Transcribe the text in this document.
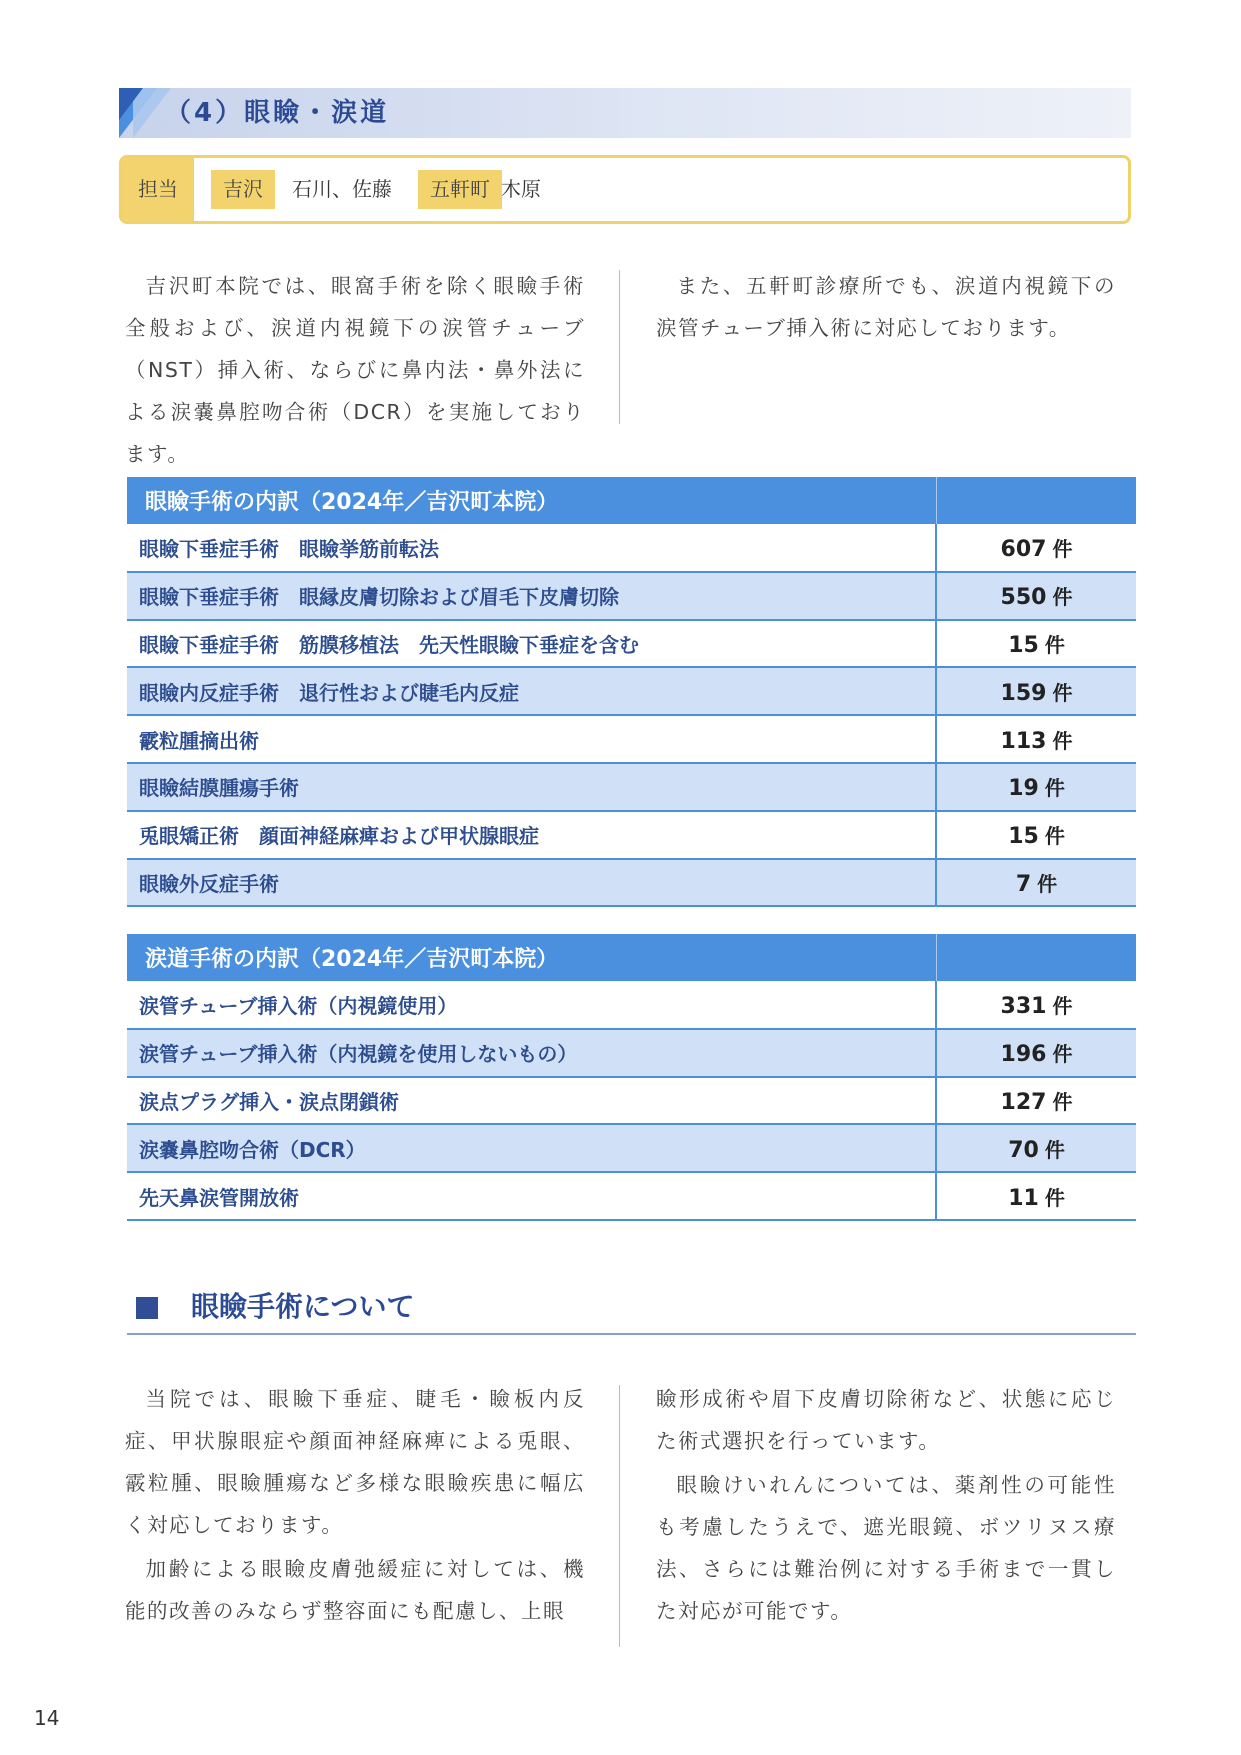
（4）眼瞼・涙道
担当	吉沢	石川、佐藤	五軒町 木原

吉沢町本院では、眼窩手術を除く眼瞼手術全般および、涙道内視鏡下の涙管チューブ（NST）挿入術、ならびに鼻内法・鼻外法による涙嚢鼻腔吻合術（DCR）を実施しております。

また、五軒町診療所でも、涙道内視鏡下の涙管チューブ挿入術に対応しております。

眼瞼手術の内訳（2024年／吉沢町本院）	
眼瞼下垂症手術　眼瞼挙筋前転法	607 件
眼瞼下垂症手術　眼縁皮膚切除および眉毛下皮膚切除	550 件
眼瞼下垂症手術　筋膜移植法　先天性眼瞼下垂症を含む	15 件
眼瞼内反症手術　退行性および睫毛内反症	159 件
霰粒腫摘出術	113 件
眼瞼結膜腫瘍手術	19 件
兎眼矯正術　顔面神経麻痺および甲状腺眼症	15 件
眼瞼外反症手術	7 件
涙道手術の内訳（2024年／吉沢町本院）	
涙管チューブ挿入術（内視鏡使用）	331 件
涙管チューブ挿入術（内視鏡を使用しないもの）	196 件
涙点プラグ挿入・涙点閉鎖術	127 件
涙嚢鼻腔吻合術（DCR）	70 件
先天鼻涙管開放術	11 件
眼瞼手術について

当院では、眼瞼下垂症、睫毛・瞼板内反症、甲状腺眼症や顔面神経麻痺による兎眼、霰粒腫、眼瞼腫瘍など多様な眼瞼疾患に幅広く対応しております。

加齢による眼瞼皮膚弛緩症に対しては、機能的改善のみならず整容面にも配慮し、上眼

瞼形成術や眉下皮膚切除術など、状態に応じた術式選択を行っています。

眼瞼けいれんについては、薬剤性の可能性も考慮したうえで、遮光眼鏡、ボツリヌス療法、さらには難治例に対する手術まで一貫した対応が可能です。

14
